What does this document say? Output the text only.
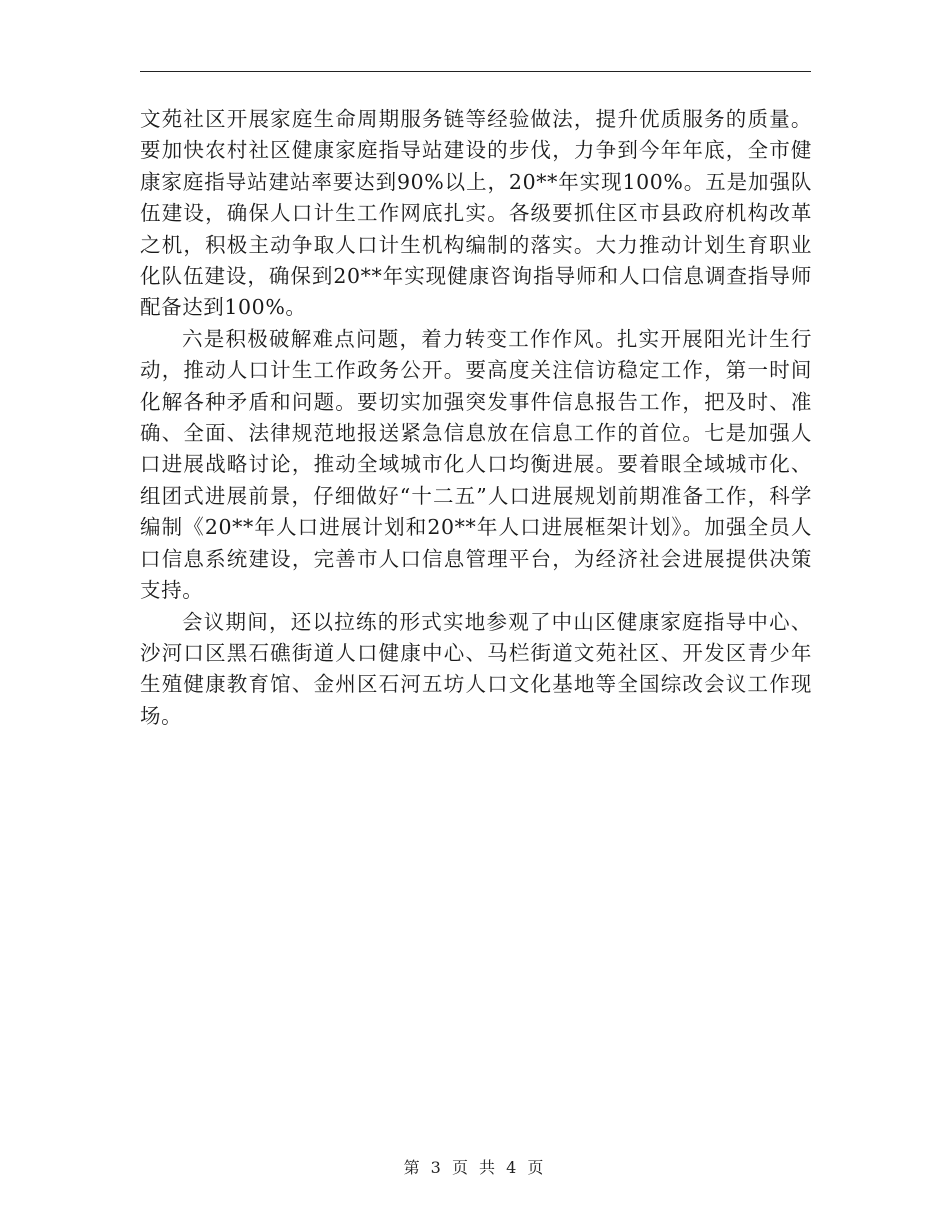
文苑社区开展家庭生命周期服务链等经验做法，提升优质服务的质量。要加快农村社区健康家庭指导站建设的步伐，力争到今年年底，全市健康家庭指导站建站率要达到90%以上，20**年实现100%。五是加强队伍建设，确保人口计生工作网底扎实。各级要抓住区市县政府机构改革之机，积极主动争取人口计生机构编制的落实。大力推动计划生育职业化队伍建设，确保到20**年实现健康咨询指导师和人口信息调查指导师配备达到100%。

六是积极破解难点问题，着力转变工作作风。扎实开展阳光计生行动，推动人口计生工作政务公开。要高度关注信访稳定工作，第一时间化解各种矛盾和问题。要切实加强突发事件信息报告工作，把及时、准确、全面、法律规范地报送紧急信息放在信息工作的首位。七是加强人口进展战略讨论，推动全域城市化人口均衡进展。要着眼全域城市化、组团式进展前景，仔细做好“十二五”人口进展规划前期准备工作，科学编制《20**年人口进展计划和20**年人口进展框架计划》。加强全员人口信息系统建设，完善市人口信息管理平台，为经济社会进展提供决策支持。

会议期间，还以拉练的形式实地参观了中山区健康家庭指导中心、沙河口区黑石礁街道人口健康中心、马栏街道文苑社区、开发区青少年生殖健康教育馆、金州区石河五坊人口文化基地等全国综改会议工作现场。

第 3 页 共 4 页
